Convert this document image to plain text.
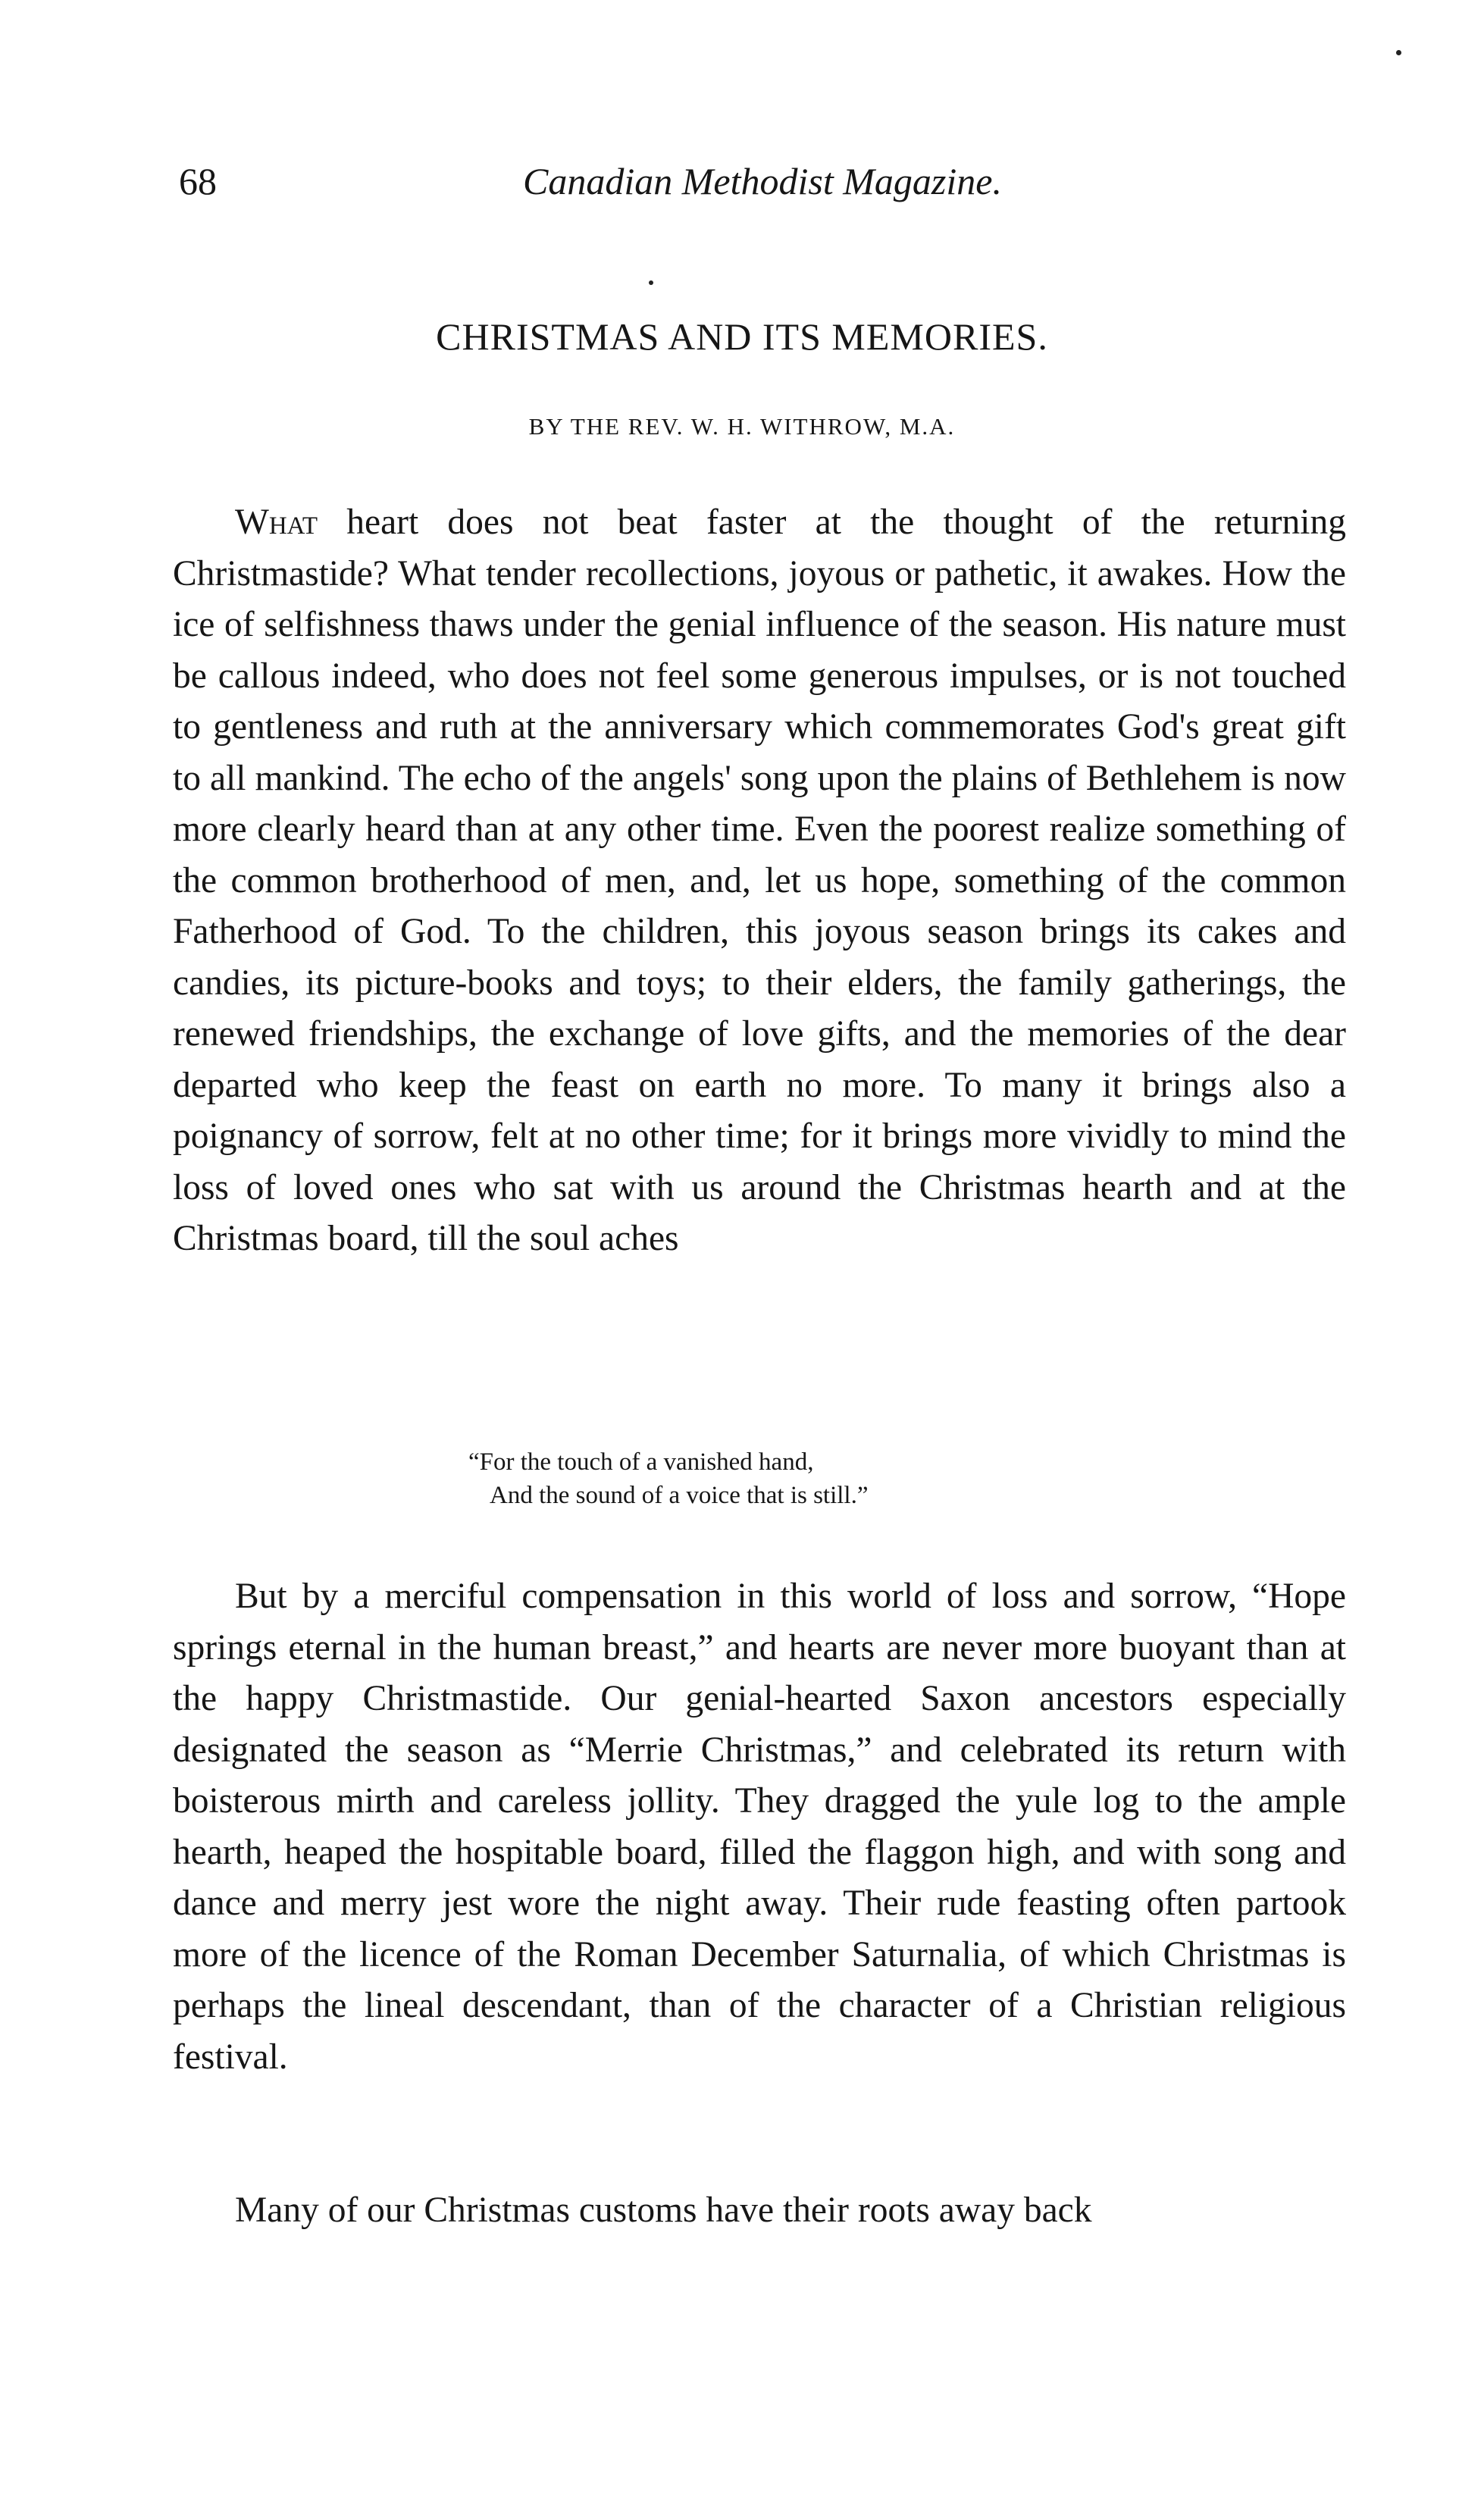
68	Canadian Methodist Magazine.
CHRISTMAS AND ITS MEMORIES.
BY THE REV. W. H. WITHROW, M.A.

What heart does not beat faster at the thought of the returning Christmastide? What tender recollections, joyous or pathetic, it awakes. How the ice of selfishness thaws under the genial influence of the season. His nature must be callous indeed, who does not feel some generous impulses, or is not touched to gentleness and ruth at the anniversary which commemorates God's great gift to all mankind. The echo of the angels' song upon the plains of Bethlehem is now more clearly heard than at any other time. Even the poorest realize something of the common brotherhood of men, and, let us hope, something of the common Fatherhood of God. To the children, this joyous season brings its cakes and candies, its picture-books and toys; to their elders, the family gatherings, the renewed friendships, the exchange of love gifts, and the memories of the dear departed who keep the feast on earth no more. To many it brings also a poignancy of sorrow, felt at no other time; for it brings more vividly to mind the loss of loved ones who sat with us around the Christmas hearth and at the Christmas board, till the soul aches

“For the touch of a vanished hand,
And the sound of a voice that is still.”

But by a merciful compensation in this world of loss and sorrow, “Hope springs eternal in the human breast,” and hearts are never more buoyant than at the happy Christmastide. Our genial-hearted Saxon ancestors especially designated the season as “Merrie Christmas,” and celebrated its return with boisterous mirth and careless jollity. They dragged the yule log to the ample hearth, heaped the hospitable board, filled the flaggon high, and with song and dance and merry jest wore the night away. Their rude feasting often partook more of the licence of the Roman December Saturnalia, of which Christmas is perhaps the lineal descendant, than of the character of a Christian religious festival.

Many of our Christmas customs have their roots away back
